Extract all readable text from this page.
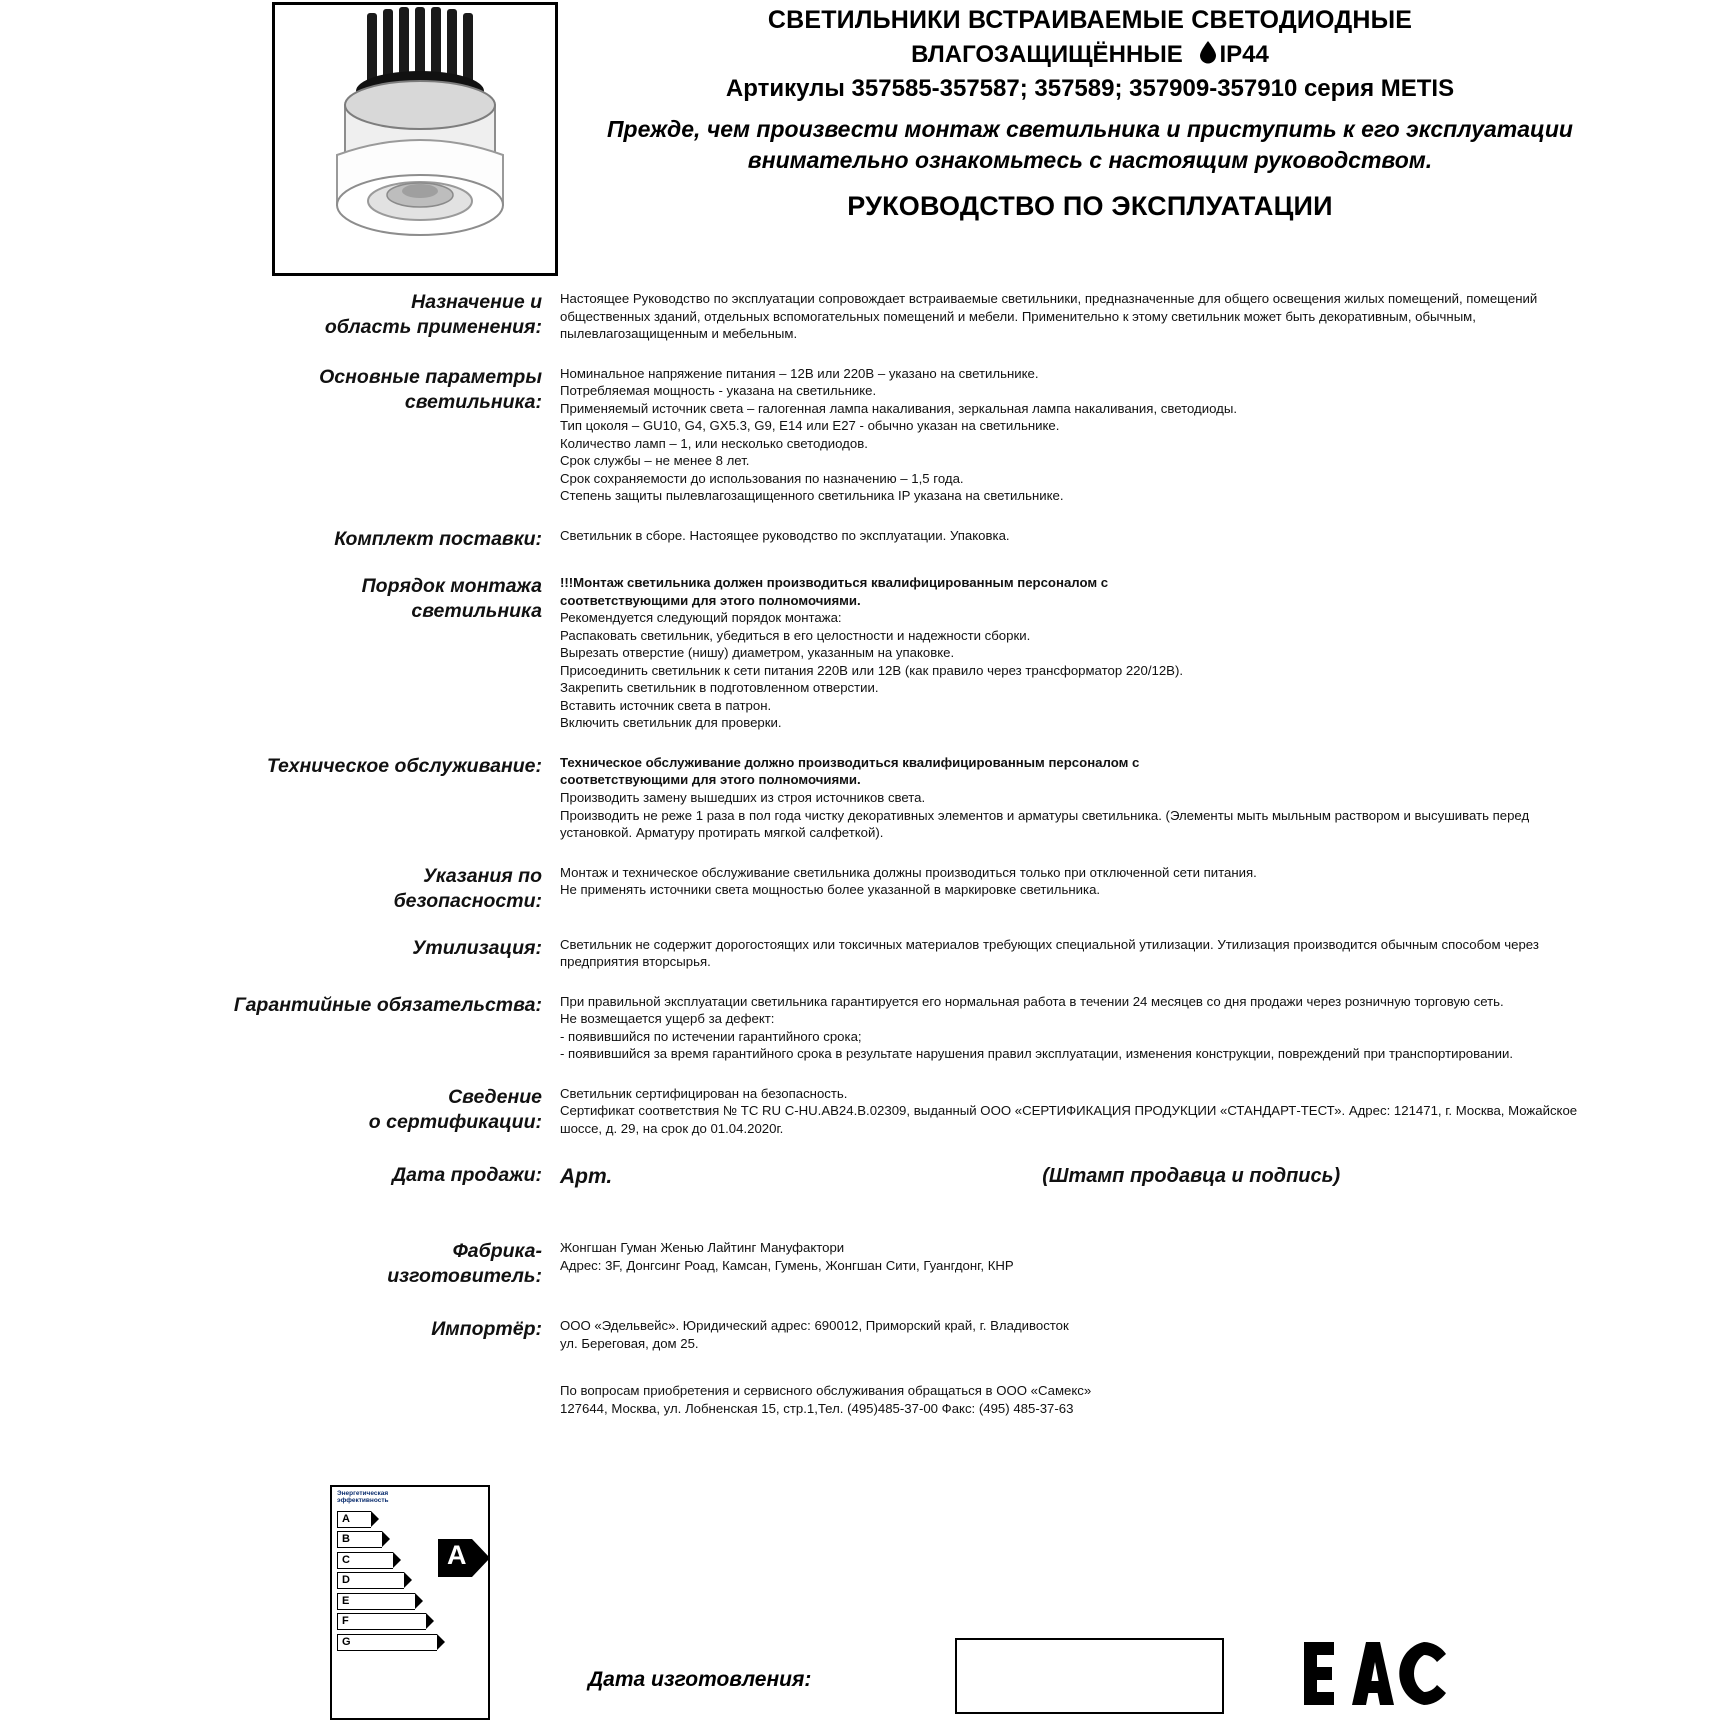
СВЕТИЛЬНИКИ ВСТРАИВАЕМЫЕ СВЕТОДИОДНЫЕ
ВЛАГОЗАЩИЩЁННЫЕ IP44
Артикулы 357585-357587; 357589; 357909-357910 серия METIS
Прежде, чем произвести монтаж светильника и приступить к его эксплуатации внимательно ознакомьтесь с настоящим руководством.
РУКОВОДСТВО ПО ЭКСПЛУАТАЦИИ
Назначение и
область применения:

Настоящее Руководство по эксплуатации сопровождает встраиваемые светильники, предназначенные для общего освещения жилых помещений, помещений общественных зданий, отдельных вспомогательных помещений и мебели. Применительно к этому светильник может быть декоративным, обычным, пылевлагозащищенным и мебельным.

Основные параметры
светильника:

Номинальное напряжение питания – 12В или 220В – указано на светильнике.

Потребляемая мощность - указана на светильнике.

Применяемый источник света – галогенная лампа накаливания, зеркальная лампа накаливания, светодиоды.

Тип цоколя – GU10, G4, GX5.3, G9, Е14 или Е27 - обычно указан на светильнике.

Количество ламп – 1, или несколько светодиодов.

Срок службы – не менее 8 лет.

Срок сохраняемости до использования по назначению – 1,5 года.

Степень защиты пылевлагозащищенного светильника IP указана на светильнике.

Комплект поставки: Светильник в сборе. Настоящее руководство по эксплуатации. Упаковка.

Порядок монтажа
светильника

!!!Монтаж светильника должен производиться квалифицированным персоналом с

соответствующими для этого полномочиями.

Рекомендуется следующий порядок монтажа:

Распаковать светильник, убедиться в его целостности и надежности сборки.

Вырезать отверстие (нишу) диаметром, указанным на упаковке.

Присоединить светильник к сети питания 220В или 12В (как правило через трансформатор 220/12В).

Закрепить светильник в подготовленном отверстии.

Вставить источник света в патрон.

Включить светильник для проверки.

Техническое обслуживание: Техническое обслуживание должно производиться квалифицированным персоналом с

соответствующими для этого полномочиями.

Производить замену вышедших из строя источников света.

Производить не реже 1 раза в пол года чистку декоративных элементов и арматуры светильника. (Элементы мыть мыльным раствором и высушивать перед установкой. Арматуру протирать мягкой салфеткой).

Указания по
безопасности:

Монтаж и техническое обслуживание светильника должны производиться только при отключенной сети питания.

Не применять источники света мощностью более указанной в маркировке светильника.

Утилизация: Светильник не содержит дорогостоящих или токсичных материалов требующих специальной утилизации. Утилизация производится обычным способом через предприятия вторсырья.

Гарантийные обязательства: При правильной эксплуатации светильника гарантируется его нормальная работа в течении 24 месяцев со дня продажи через розничную торговую сеть.

Не возмещается ущерб за дефект:

- появившийся по истечении гарантийного срока;

- появившийся за время гарантийного срока в результате нарушения правил эксплуатации, изменения конструкции, повреждений при транспортировании.

Сведение
о сертификации:

Светильник сертифицирован на безопасность.

Сертификат соответствия № ТС RU C-HU.АВ24.В.02309, выданный ООО «СЕРТИФИКАЦИЯ ПРОДУКЦИИ «СТАНДАРТ-ТЕСТ». Адрес: 121471, г. Москва, Можайское шоссе, д. 29, на срок до 01.04.2020г.

Дата продажи: Арт.	(Штамп продавца и подпись)
Фабрика-
изготовитель:

Жонгшан Гуман Женью Лайтинг Мануфактори

Адрес: 3F, Донгсинг Роад, Камсан, Гумень, Жонгшан Сити, Гуангдонг, КНР

Импортёр: ООО «Эдельвейс». Юридический адрес: 690012, Приморский край, г. Владивосток

ул. Береговая, дом 25.

По вопросам приобретения и сервисного обслуживания обращаться в ООО «Самекс»

127644, Москва, ул. Лобненская 15, стр.1,Тел. (495)485-37-00 Факс: (495) 485-37-63

Энергетическая
эффективность
A
B
C
D
E
F
G
A
Дата изготовления:
